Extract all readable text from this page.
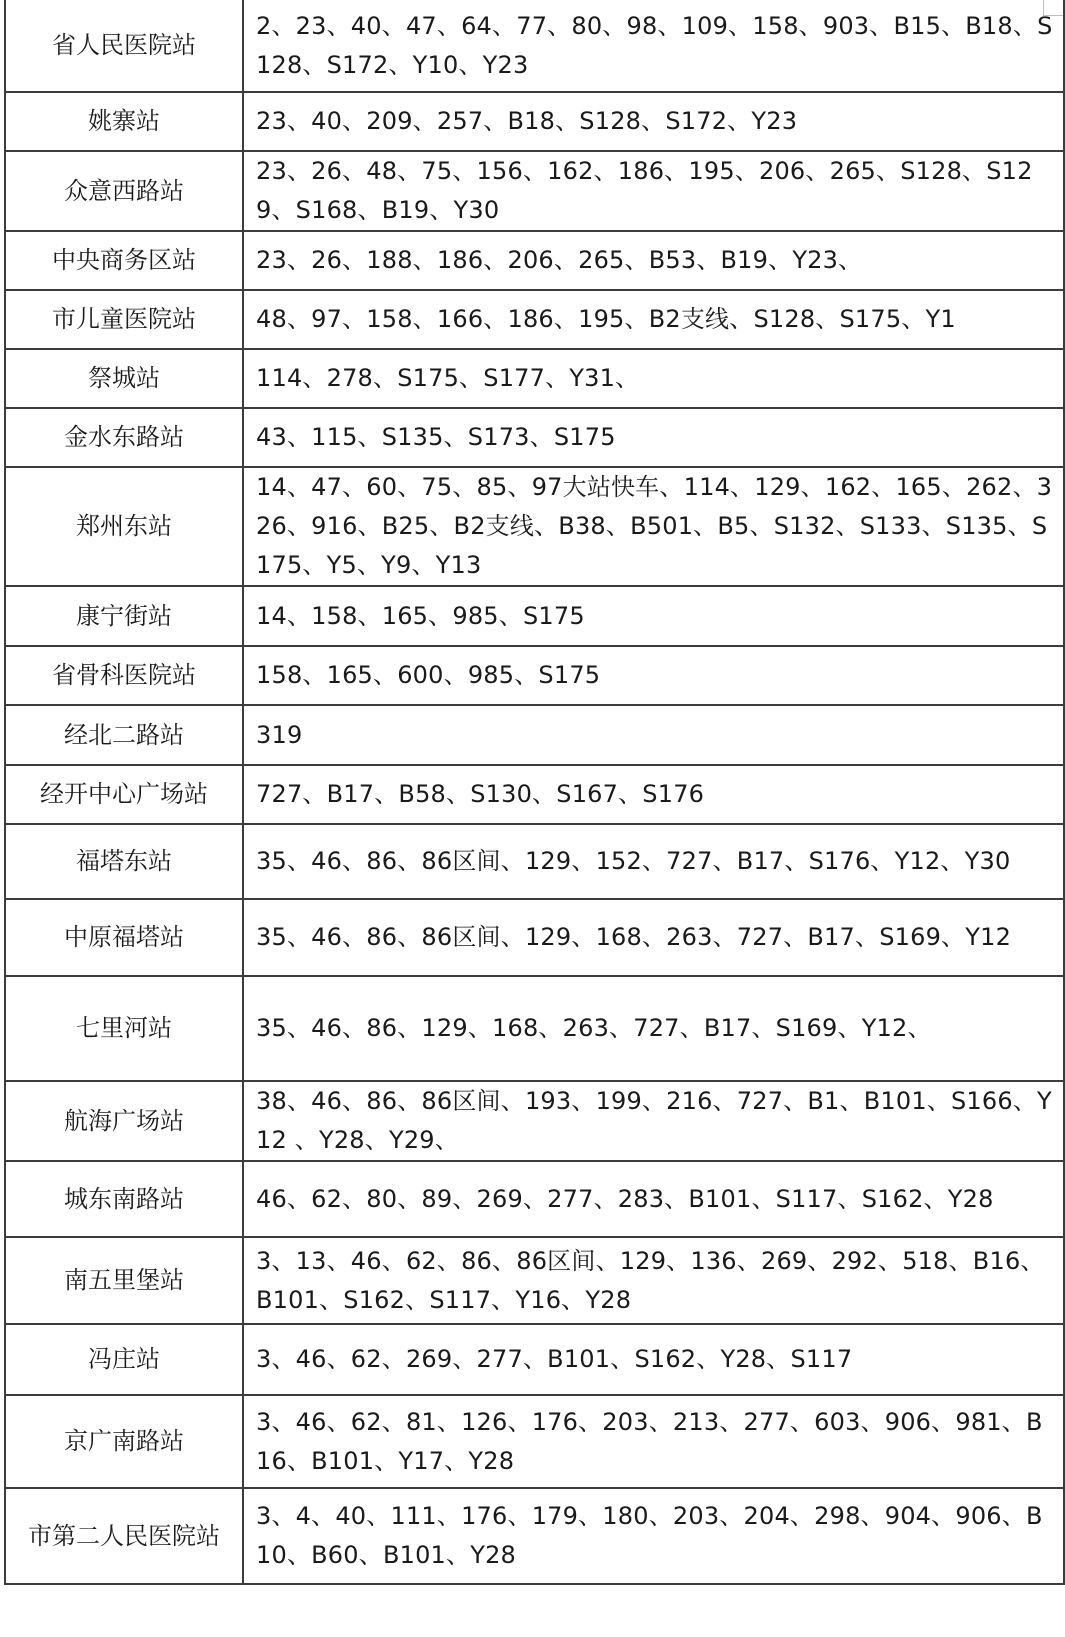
省人民医院站	2、23、40、47、64、77、80、98、109、158、903、B15、B18、S128、S172、Y10、Y23
姚寨站	23、40、209、257、B18、S128、S172、Y23
众意西路站	23、26、48、75、156、162、186、195、206、265、S128、S129、S168、B19、Y30
中央商务区站	23、26、188、186、206、265、B53、B19、Y23、
市儿童医院站	48、97、158、166、186、195、B2支线、S128、S175、Y1
祭城站	114、278、S175、S177、Y31、
金水东路站	43、115、S135、S173、S175
郑州东站	14、47、60、75、85、97大站快车、114、129、162、165、262、326、916、B25、B2支线、B38、B501、B5、S132、S133、S135、S175、Y5、Y9、Y13
康宁街站	14、158、165、985、S175
省骨科医院站	158、165、600、985、S175
经北二路站	319
经开中心广场站	727、B17、B58、S130、S167、S176
福塔东站	35、46、86、86区间、129、152、727、B17、S176、Y12、Y30
中原福塔站	35、46、86、86区间、129、168、263、727、B17、S169、Y12
七里河站	35、46、86、129、168、263、727、B17、S169、Y12、
航海广场站	38、46、86、86区间、193、199、216、727、B1、B101、S166、Y12 、Y28、Y29、
城东南路站	46、62、80、89、269、277、283、B101、S117、S162、Y28
南五里堡站	3、13、46、62、86、86区间、129、136、269、292、518、B16、B101、S162、S117、Y16、Y28
冯庄站	3、46、62、269、277、B101、S162、Y28、S117
京广南路站	3、46、62、81、126、176、203、213、277、603、906、981、B16、B101、Y17、Y28
市第二人民医院站	3、4、40、111、176、179、180、203、204、298、904、906、B10、B60、B101、Y28
